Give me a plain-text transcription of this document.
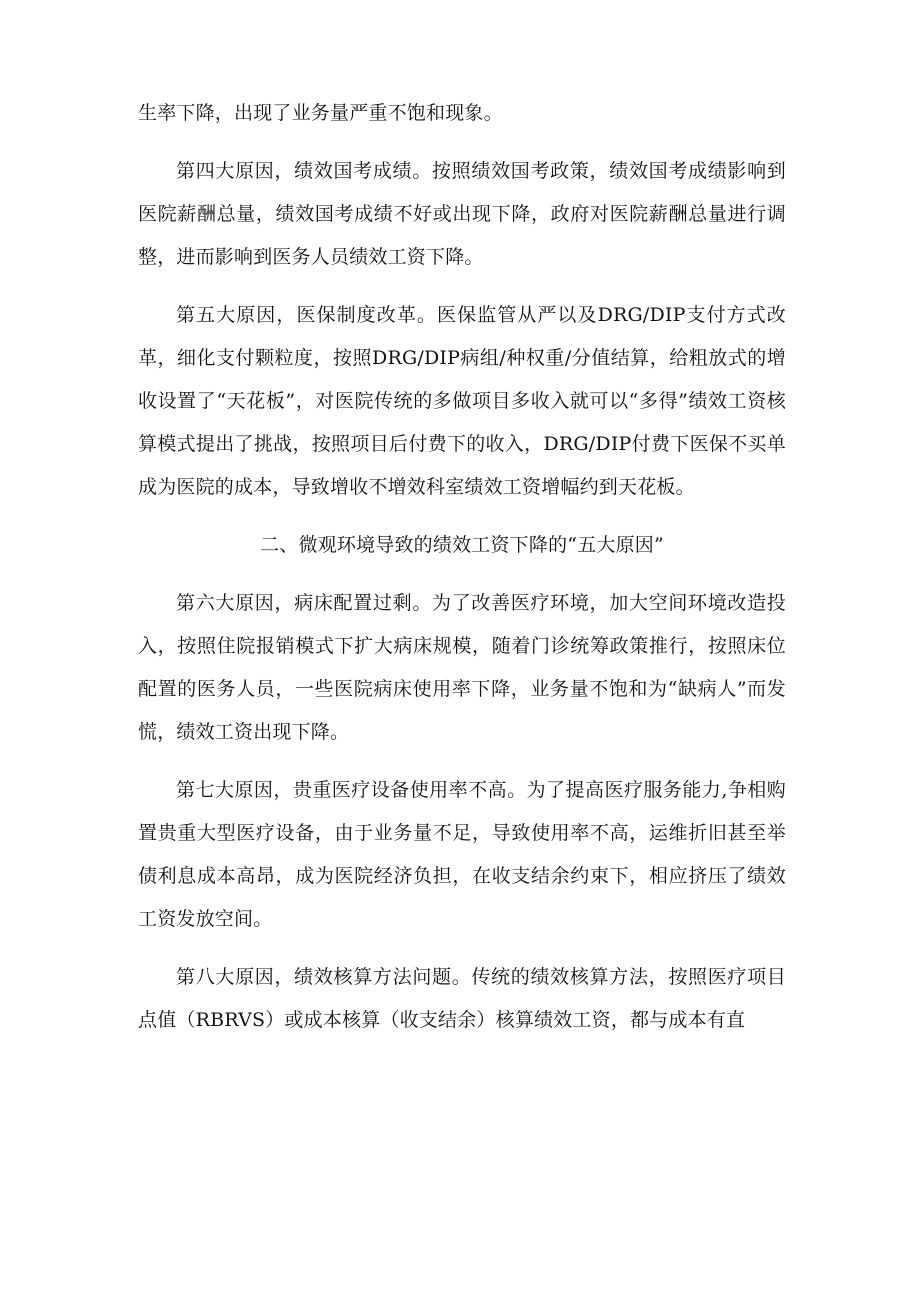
生率下降，出现了业务量严重不饱和现象。

第四大原因，绩效国考成绩。按照绩效国考政策，绩效国考成绩影响到医院薪酬总量，绩效国考成绩不好或出现下降，政府对医院薪酬总量进行调整，进而影响到医务人员绩效工资下降。

第五大原因，医保制度改革。医保监管从严以及DRG/DIP支付方式改革，细化支付颗粒度，按照DRG/DIP病组/种权重/分值结算，给粗放式的增收设置了“天花板”，对医院传统的多做项目多收入就可以“多得”绩效工资核算模式提出了挑战，按照项目后付费下的收入，DRG/DIP付费下医保不买单成为医院的成本，导致增收不增效科室绩效工资增幅约到天花板。

二、微观环境导致的绩效工资下降的“五大原因”

第六大原因，病床配置过剩。为了改善医疗环境，加大空间环境改造投入，按照住院报销模式下扩大病床规模，随着门诊统筹政策推行，按照床位配置的医务人员，一些医院病床使用率下降，业务量不饱和为“缺病人”而发慌，绩效工资出现下降。

第七大原因，贵重医疗设备使用率不高。为了提高医疗服务能力,争相购置贵重大型医疗设备，由于业务量不足，导致使用率不高，运维折旧甚至举债利息成本高昂，成为医院经济负担，在收支结余约束下，相应挤压了绩效工资发放空间。

第八大原因，绩效核算方法问题。传统的绩效核算方法，按照医疗项目点值（RBRVS）或成本核算（收支结余）核算绩效工资，都与成本有直
